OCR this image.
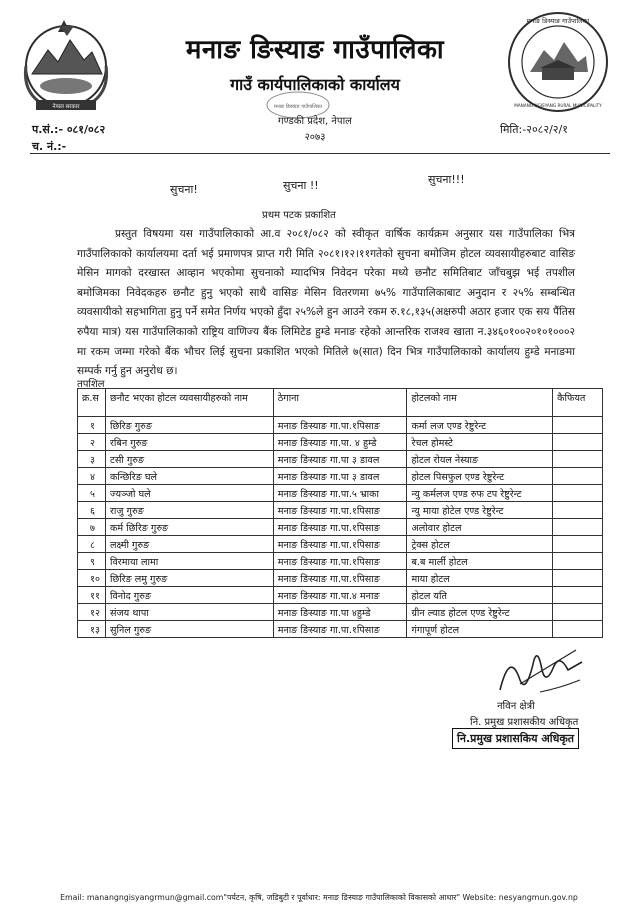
नेपाल सरकार
मनाङ ङिस्याङ गाउँपालिका
MANANG NGISYANG RURAL MUNICIPALITY
मनाङ ङिस्याङ गाउँपालिका
गाउँ कार्यपालिकाको कार्यालय
मनाङ ङिस्याङ गाउँपालिका
गण्डकी प्रदेश, नेपाल
२०७३
प.सं.:- ०८१/०८२
च. नं.:-
मिति:-२०८२/२/१
सुचना!	सुचना !!	सुचना!!!
प्रथम पटक प्रकाशित

प्रस्तुत विषयमा यस गाउँपालिकाको आ.व २०८१/०८२ को स्वीकृत वार्षिक कार्यक्रम अनुसार यस गाउँपालिका भित्र गाउँपालिकाको कार्यालयमा दर्ता भई प्रमाणपत्र प्राप्त गरी मिति २०८१।१२।११गतेको सुचना बमोजिम होटल व्यवसायीहरुबाट वासिङ मेसिन मागको दरखास्त आव्हान भएकोमा सुचनाको म्यादभित्र निवेदन परेका मध्ये छनौट समितिबाट जाँचबुझ भई तपशील बमोजिमका निवेदकहरु छनौट हुनु भएको साथै वासिङ मेसिन वितरणमा ७५% गाउँपालिकाबाट अनुदान र २५% सम्बन्धित व्यवसायीको सहभागिता हुनु पर्ने समेत निर्णय भएको हुँदा २५%ले हुन आउने रकम रु.१८,१३५(अक्षरुपी अठार हजार एक सय पैंतिस रुपैया मात्र) यस गाउँपालिकाको राष्ट्रिय वाणिज्य बैंक लिमिटेड हुम्डे मनाङ रहेको आन्तरिक राजश्व खाता न.३४६०१००२०१०१०००२ मा रकम जम्मा गरेको बैंक भौचर लिई सुचना प्रकाशित भएको मितिले ७(सात) दिन भित्र गाउँपालिकाको कार्यालय हुम्डे मनाङमा सम्पर्क गर्नु हुन अनुरोध छ।

तपशिल
क्र.स	छनौट भएका होटल व्यवसायीहरुको नाम	ठेगाना	होटलको नाम	कैफियत
१	छिरिङ गुरुङ	मनाङ ङिस्याङ गा.पा.१पिसाङ	कर्मा लज एण्ड रेष्टुरेन्ट	
२	रबिन गुरुङ	मनाङ ङिस्याङ गा.पा. ४ हुम्डे	रेचल होमस्टे	
३	टसी गुरुङ	मनाङ ङिस्याङ गा.पा ३ डावल	होटल रोयल नेस्याङ	
४	कन्छिरिङ घले	मनाङ ङिस्याङ गा.पा ३ डावल	होटल पिसफुल एण्ड रेष्टुरेन्ट	
५	ज्यञ्जो घले	मनाङ ङिस्याङ गा.पा.५ भ्राका	न्यु कर्मलज एण्ड रुफ टप रेष्टुरेन्ट	
६	राजु गुरुङ	मनाङ ङिस्याङ गा.पा.१पिसाङ	न्यु माया होटेल एण्ड रेष्टुरेन्ट	
७	कर्म छिरिङ गुरुङ	मनाङ ङिस्याङ गा.पा.१पिसाङ	अलोवार होटल	
८	लक्ष्मी गुरुङ	मनाङ ङिस्याङ गा.पा.१पिसाङ	ट्रेक्स होटल	
९	विरमाया लामा	मनाङ ङिस्याङ गा.पा.१पिसाङ	ब.ब मार्ली होटल	
१०	छिरिङ लमु गुरुङ	मनाङ ङिस्याङ गा.पा.१पिसाङ	माया होटल	
११	विनोद गुरुङ	मनाङ ङिस्याङ गा.पा.४ मनाङ	होटल यति	
१२	संजय थापा	मनाङ ङिस्याङ गा.पा ४हुम्डे	ग्रीन ल्याड होटल एण्ड रेष्टुरेन्ट	
१३	सुनिल गुरुङ	मनाङ ङिस्याङ गा.पा.१पिसाङ	गंगापूर्ण होटल	
नविन क्षेत्री
नि. प्रमुख प्रशासकीय अधिकृत
नि.प्रमुख प्रशासकिय अधिकृत
Email: manangngisyangrmun@gmail.com"पर्यटन, कृषि, जडिबुटी र पूर्वाधार: मनाङ ङिस्याङ गाउँपालिकाको विकासको आधार" Website: nesyangmun.gov.np
